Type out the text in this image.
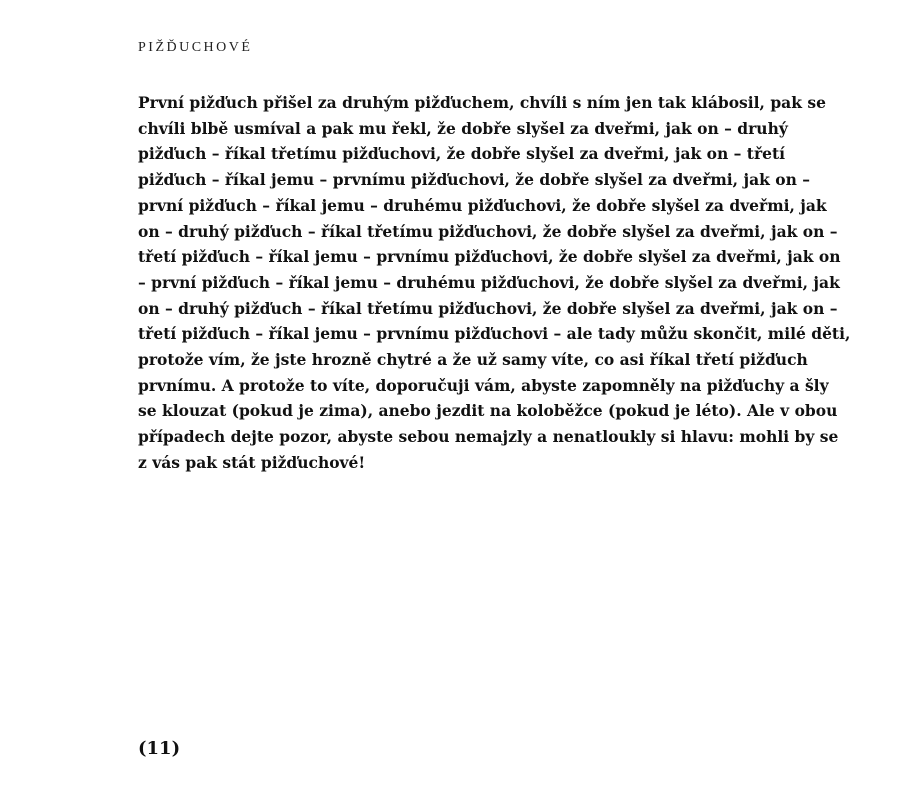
PIŽĎUCHOVÉ
První pižďuch přišel za druhým pižďuchem, chvíli s ním jen tak klábosil, pak se
chvíli blbě usmíval a pak mu řekl, že dobře slyšel za dveřmi, jak on – druhý
pižďuch – říkal třetímu pižďuchovi, že dobře slyšel za dveřmi, jak on – třetí
pižďuch – říkal jemu – prvnímu pižďuchovi, že dobře slyšel za dveřmi, jak on –
první pižďuch – říkal jemu – druhému pižďuchovi, že dobře slyšel za dveřmi, jak
on – druhý pižďuch – říkal třetímu pižďuchovi, že dobře slyšel za dveřmi, jak on –
třetí pižďuch – říkal jemu – prvnímu pižďuchovi, že dobře slyšel za dveřmi, jak on
– první pižďuch – říkal jemu – druhému pižďuchovi, že dobře slyšel za dveřmi, jak
on – druhý pižďuch – říkal třetímu pižďuchovi, že dobře slyšel za dveřmi, jak on –
třetí pižďuch – říkal jemu – prvnímu pižďuchovi – ale tady můžu skončit, milé děti,
protože vím, že jste hrozně chytré a že už samy víte, co asi říkal třetí pižďuch
prvnímu. A protože to víte, doporučuji vám, abyste zapomněly na pižďuchy a šly
se klouzat (pokud je zima), anebo jezdit na koloběžce (pokud je léto). Ale v obou
případech dejte pozor, abyste sebou nemajzly a nenatloukly si hlavu: mohli by se
z vás pak stát pižďuchové!
(11)
